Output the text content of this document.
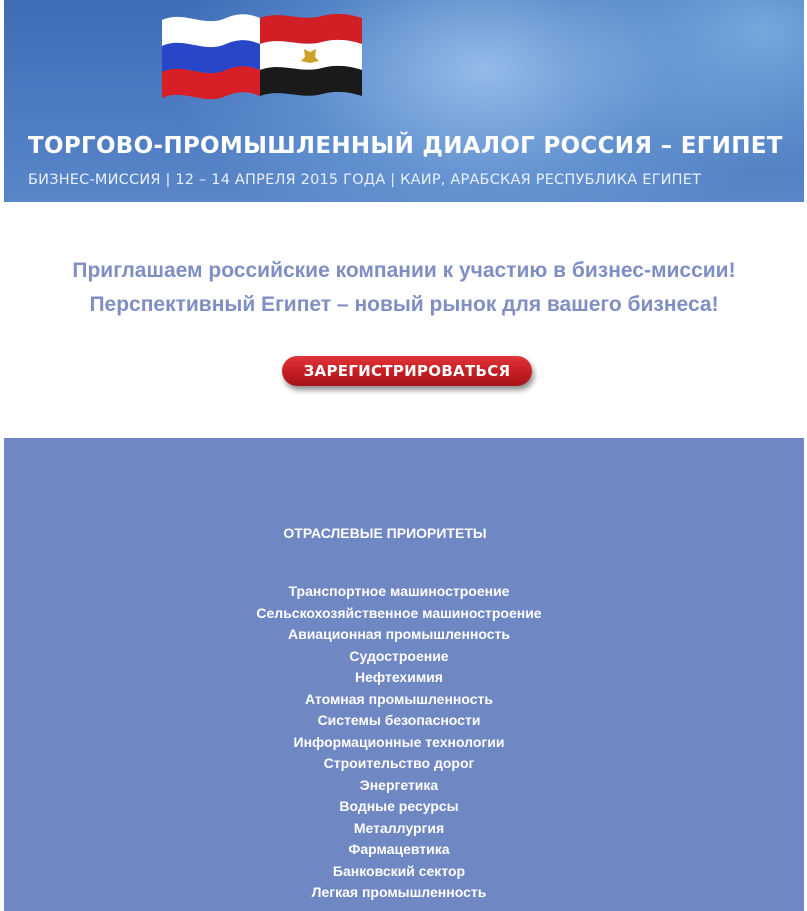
ТОРГОВО-ПРОМЫШЛЕННЫЙ ДИАЛОГ РОССИЯ – ЕГИПЕТ
БИЗНЕС-МИССИЯ | 12 – 14 АПРЕЛЯ 2015 ГОДА | КАИР, АРАБСКАЯ РЕСПУБЛИКА ЕГИПЕТ
Приглашаем российские компании к участию в бизнес-миссии!
Перспективный Египет – новый рынок для вашего бизнеса!
ЗАРЕГИСТРИРОВАТЬСЯ
ОТРАСЛЕВЫЕ ПРИОРИТЕТЫ
Транспортное машиностроение
Сельскохозяйственное машиностроение
Авиационная промышленность
Судостроение
Нефтехимия
Атомная промышленность
Системы безопасности
Информационные технологии
Строительство дорог
Энергетика
Водные ресурсы
Металлургия
Фармацевтика
Банковский сектор
Легкая промышленность
